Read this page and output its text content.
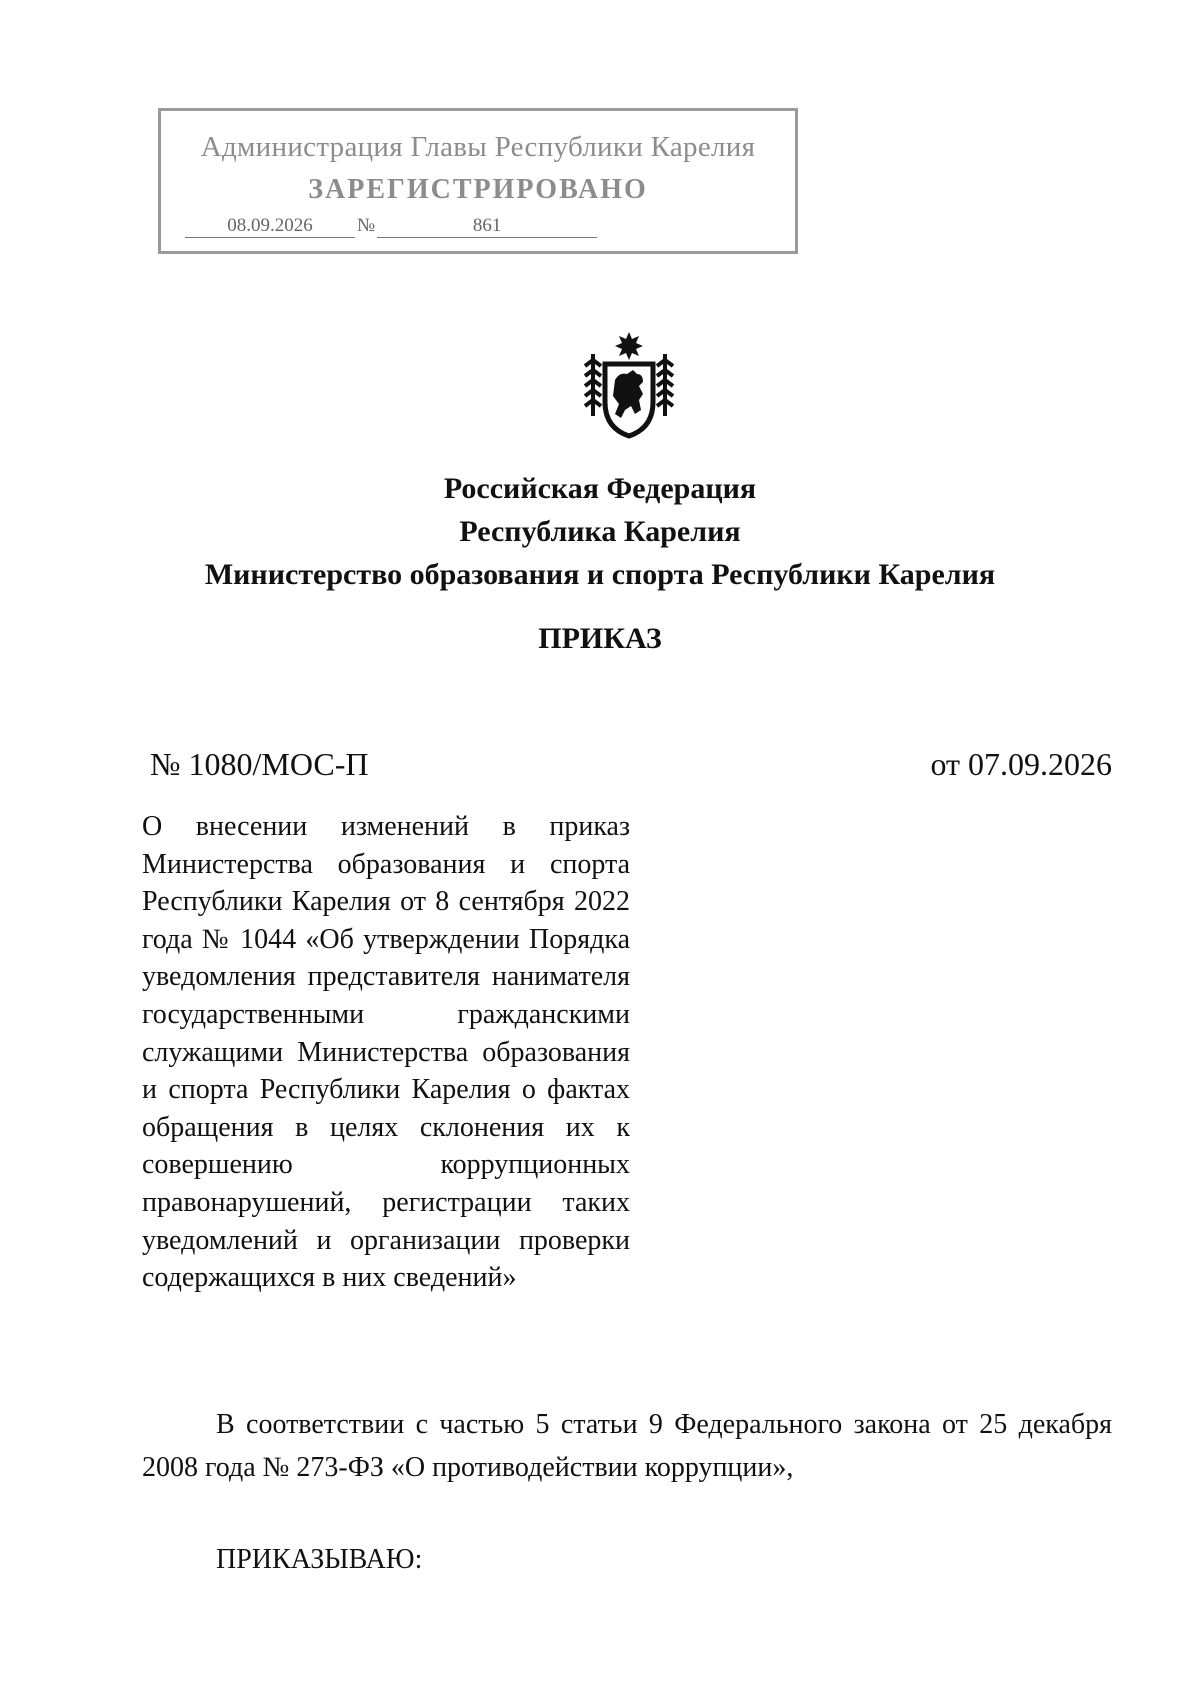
Администрация Главы Республики Карелия
ЗАРЕГИСТРИРОВАНО
08.09.2026 №	861
Российская Федерация
Республика Карелия
Министерство образования и спорта Республики Карелия
ПРИКАЗ
№ 1080/МОС-П	от 07.09.2026
О внесении изменений в приказ Министерства образования и спорта Республики Карелия от 8 сентября 2022 года № 1044 «Об утверждении Порядка уведомления представителя нанимателя государственными гражданскими служащими Министерства образования и спорта Республики Карелия о фактах обращения в целях склонения их к совершению коррупционных правонарушений, регистрации таких уведомлений и организации проверки содержащихся в них сведений»
В соответствии с частью 5 статьи 9 Федерального закона от 25 декабря 2008 года № 273-ФЗ «О противодействии коррупции»,
ПРИКАЗЫВАЮ:
